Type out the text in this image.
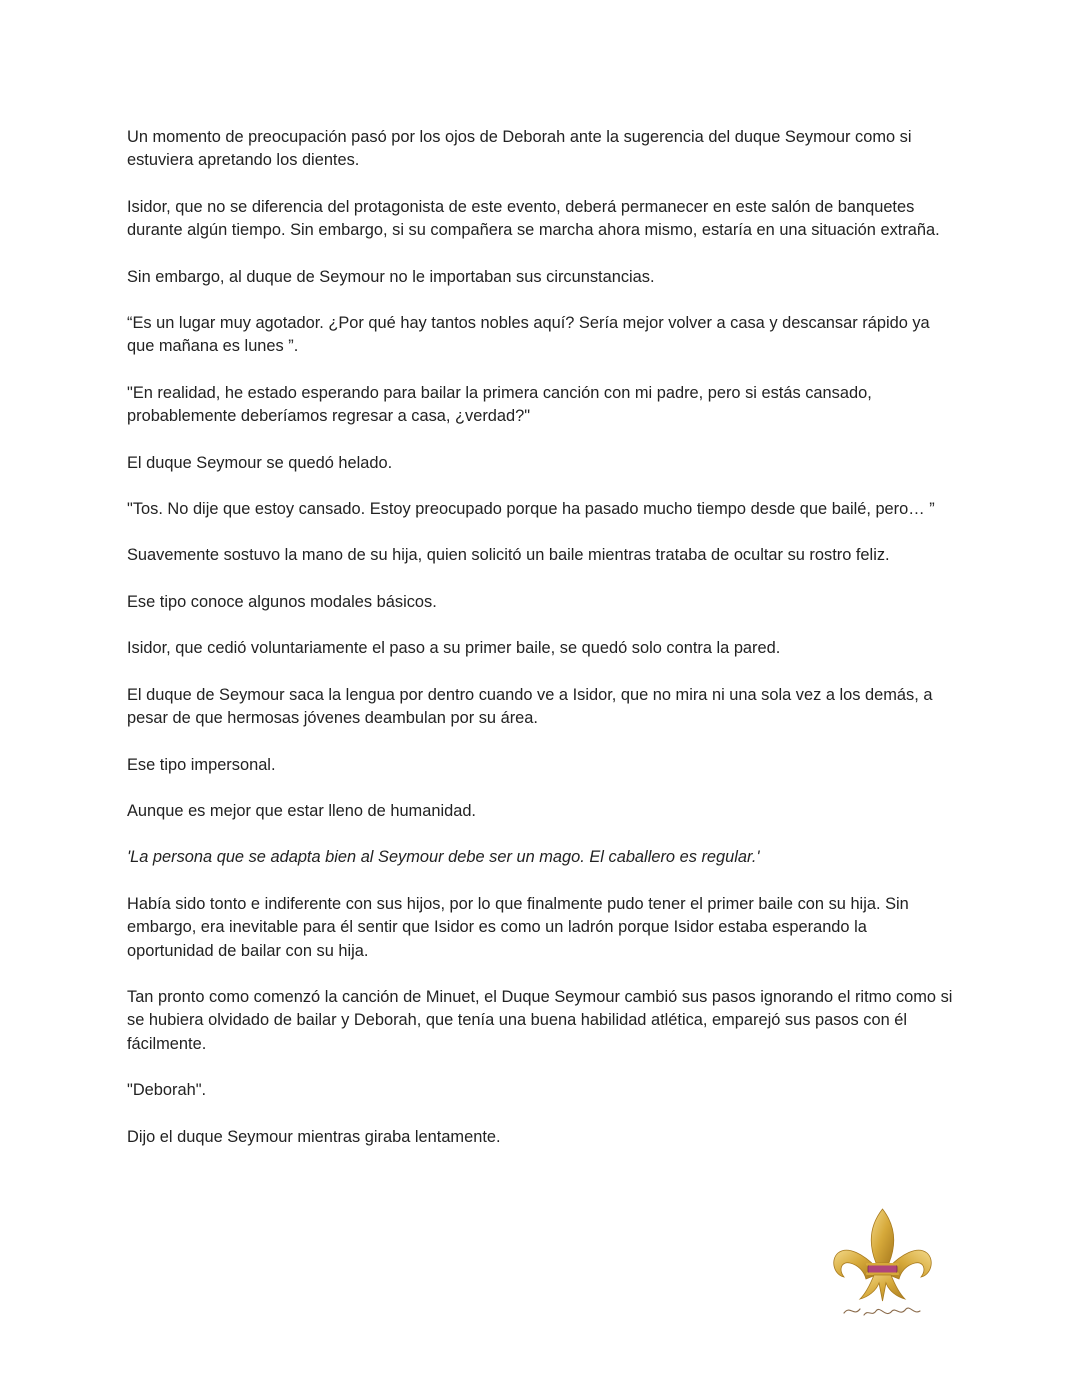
Un momento de preocupación pasó por los ojos de Deborah ante la sugerencia del duque Seymour como si estuviera apretando los dientes.

Isidor, que no se diferencia del protagonista de este evento, deberá permanecer en este salón de banquetes durante algún tiempo. Sin embargo, si su compañera se marcha ahora mismo, estaría en una situación extraña.

Sin embargo, al duque de Seymour no le importaban sus circunstancias.

“Es un lugar muy agotador. ¿Por qué hay tantos nobles aquí? Sería mejor volver a casa y descansar rápido ya que mañana es lunes ”.

"En realidad, he estado esperando para bailar la primera canción con mi padre, pero si estás cansado, probablemente deberíamos regresar a casa, ¿verdad?"

El duque Seymour se quedó helado.

"Tos. No dije que estoy cansado. Estoy preocupado porque ha pasado mucho tiempo desde que bailé, pero… ”

Suavemente sostuvo la mano de su hija, quien solicitó un baile mientras trataba de ocultar su rostro feliz.

Ese tipo conoce algunos modales básicos.

Isidor, que cedió voluntariamente el paso a su primer baile, se quedó solo contra la pared.

El duque de Seymour saca la lengua por dentro cuando ve a Isidor, que no mira ni una sola vez a los demás, a pesar de que hermosas jóvenes deambulan por su área.

Ese tipo impersonal.

Aunque es mejor que estar lleno de humanidad.

'La persona que se adapta bien al Seymour debe ser un mago. El caballero es regular.'

Había sido tonto e indiferente con sus hijos, por lo que finalmente pudo tener el primer baile con su hija. Sin embargo, era inevitable para él sentir que Isidor es como un ladrón porque Isidor estaba esperando la oportunidad de bailar con su hija.

Tan pronto como comenzó la canción de Minuet, el Duque Seymour cambió sus pasos ignorando el ritmo como si se hubiera olvidado de bailar y Deborah, que tenía una buena habilidad atlética, emparejó sus pasos con él fácilmente.

"Deborah".

Dijo el duque Seymour mientras giraba lentamente.
